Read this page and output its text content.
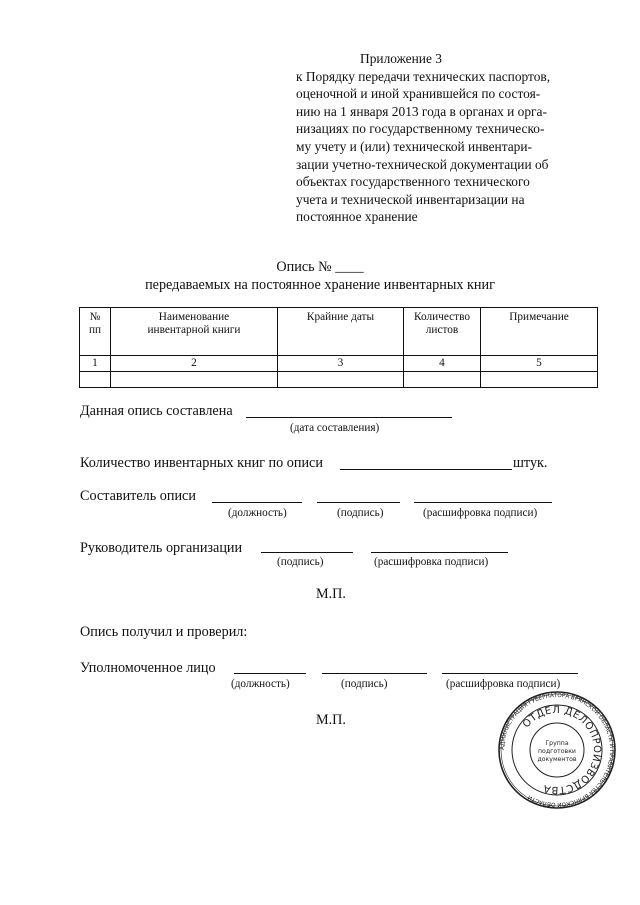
Приложение 3
к Порядку передачи технических паспортов,
оценочной и иной хранившейся по состоя-
нию на 1 января 2013 года в органах и орга-
низациях по государственному техническо-
му учету и (или) технической инвентари-
зации учетно-технической документации об
объектах государственного технического
учета и технической инвентаризации на
постоянное хранение
Опись № ____
передаваемых на постоянное хранение инвентарных книг
№ пп	Наименование инвентарной книги	Крайние даты	Количество листов	Примечание
1	2	3	4	5

Данная опись составлена
(дата составления)
Количество инвентарных книг по описи	штук.
Составитель описи
(должность)	(подпись)	(расшифровка подписи)
Руководитель организации
(подпись)	(расшифровка подписи)
М.П.
Опись получил и проверил:
Уполномоченное лицо
(должность)	(подпись)	(расшифровка подписи)
М.П.
АДМИНИСТРАЦИЯ ГУБЕРНАТОРА БРЯНСКОЙ ОБЛАСТИ И ПРАВИТЕЛЬСТВА БРЯНСКОЙ ОБЛАСТИ
ОТДЕЛ ДЕЛОПРОИЗВОДСТВА
Группа
подготовки
документов
